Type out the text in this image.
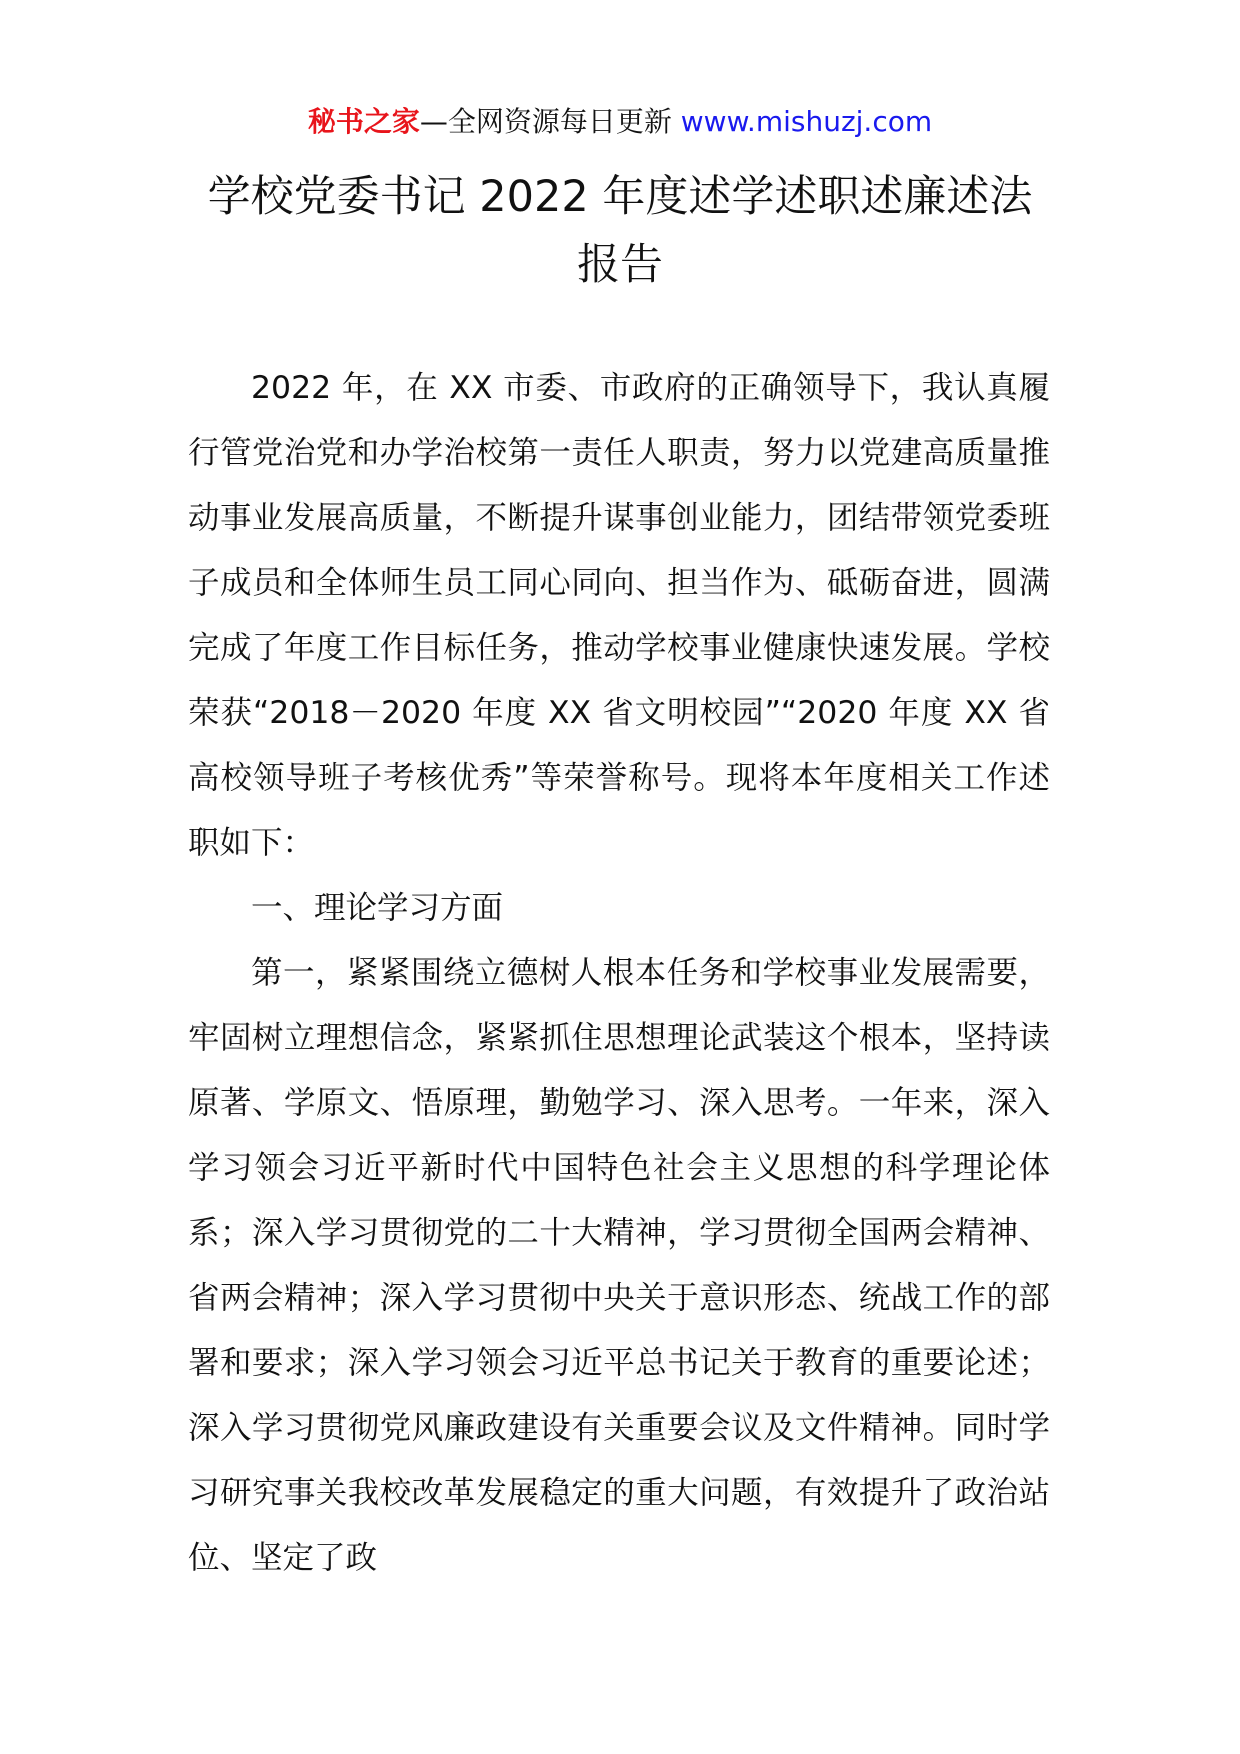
秘书之家—全网资源每日更新 www.mishuzj.com
学校党委书记 2022 年度述学述职述廉述法
报告

2022 年，在 XX 市委、市政府的正确领导下，我认真履行管党治党和办学治校第一责任人职责，努力以党建高质量推动事业发展高质量，不断提升谋事创业能力，团结带领党委班子成员和全体师生员工同心同向、担当作为、砥砺奋进，圆满完成了年度工作目标任务，推动学校事业健康快速发展。学校荣获“2018－2020 年度 XX 省文明校园”“2020 年度 XX 省高校领导班子考核优秀”等荣誉称号。现将本年度相关工作述职如下：

一、理论学习方面

第一，紧紧围绕立德树人根本任务和学校事业发展需要，牢固树立理想信念，紧紧抓住思想理论武装这个根本，坚持读原著、学原文、悟原理，勤勉学习、深入思考。一年来，深入学习领会习近平新时代中国特色社会主义思想的科学理论体系；深入学习贯彻党的二十大精神，学习贯彻全国两会精神、省两会精神；深入学习贯彻中央关于意识形态、统战工作的部署和要求；深入学习领会习近平总书记关于教育的重要论述；深入学习贯彻党风廉政建设有关重要会议及文件精神。同时学习研究事关我校改革发展稳定的重大问题，有效提升了政治站位、坚定了政
